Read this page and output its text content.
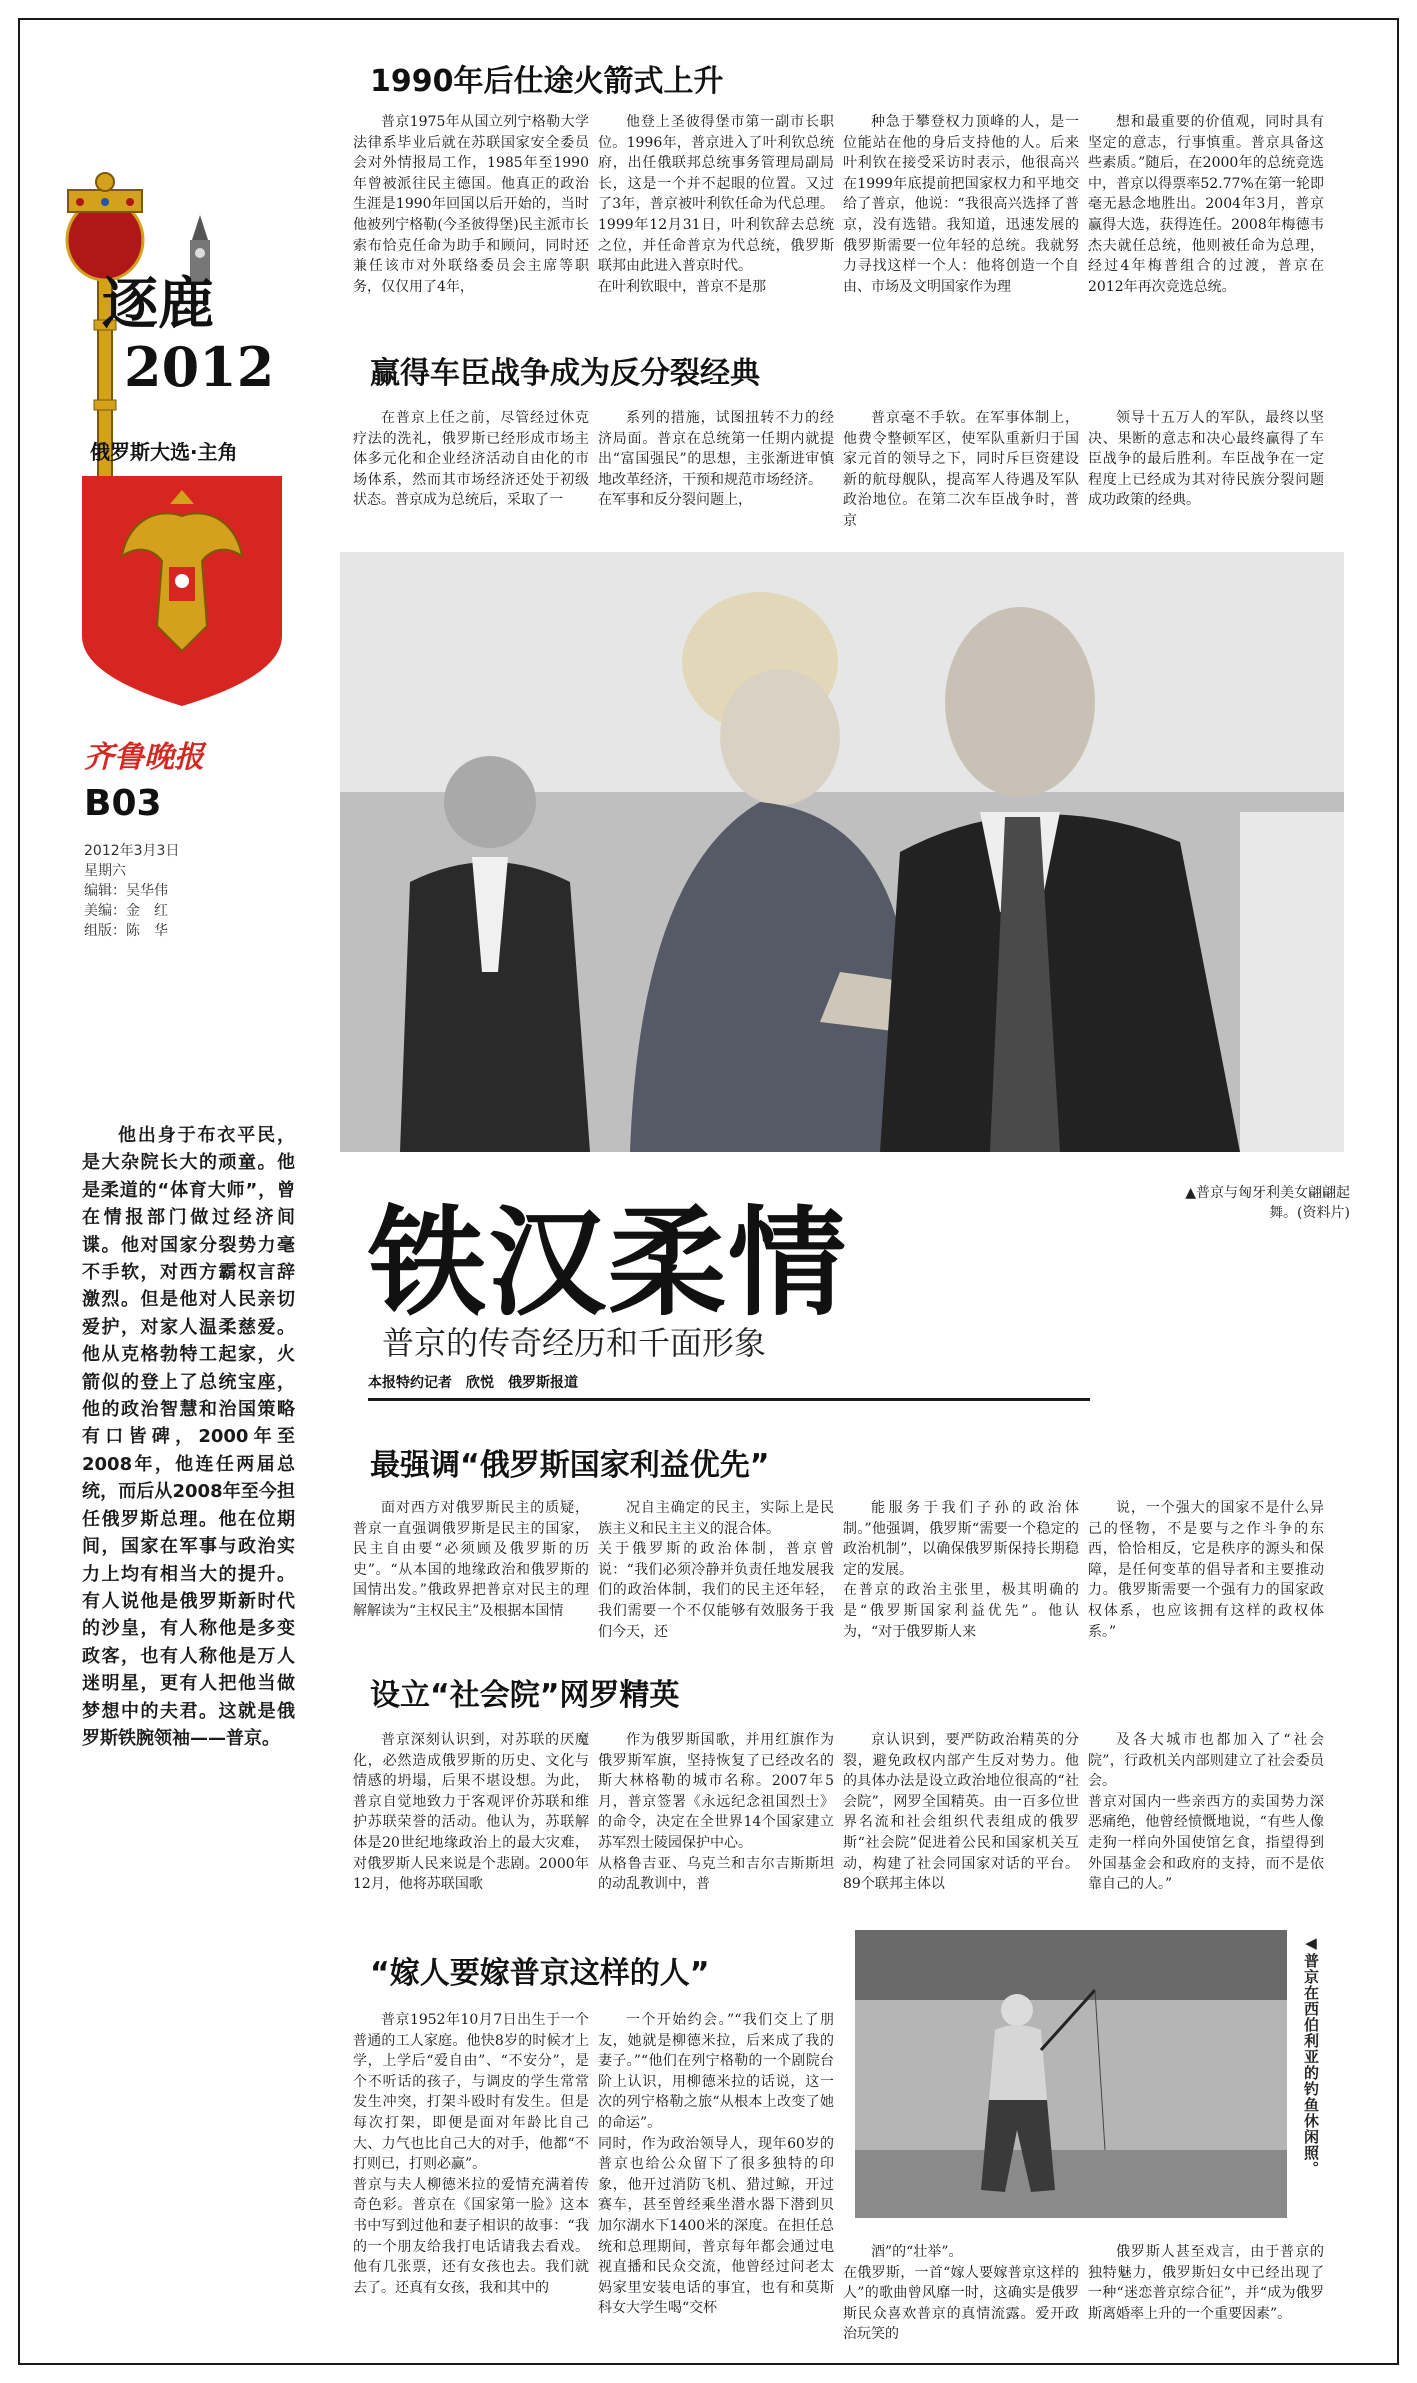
逐鹿
2012
俄罗斯大选·主角
齐鲁晚报
B03
2012年3月3日
星期六
编辑：吴华伟
美编：金　红
组版：陈　华

他出身于布衣平民，是大杂院长大的顽童。他是柔道的“体育大师”，曾在情报部门做过经济间谍。他对国家分裂势力毫不手软，对西方霸权言辞激烈。但是他对人民亲切爱护，对家人温柔慈爱。他从克格勃特工起家，火箭似的登上了总统宝座，他的政治智慧和治国策略有口皆碑，2000年至2008年，他连任两届总统，而后从2008年至今担任俄罗斯总理。他在位期间，国家在军事与政治实力上均有相当大的提升。有人说他是俄罗斯新时代的沙皇，有人称他是多变政客，也有人称他是万人迷明星，更有人把他当做梦想中的夫君。这就是俄罗斯铁腕领袖——普京。

1990年后仕途火箭式上升

普京1975年从国立列宁格勒大学法律系毕业后就在苏联国家安全委员会对外情报局工作，1985年至1990年曾被派往民主德国。他真正的政治生涯是1990年回国以后开始的，当时他被列宁格勒(今圣彼得堡)民主派市长索布恰克任命为助手和顾问，同时还兼任该市对外联络委员会主席等职务，仅仅用了4年，

他登上圣彼得堡市第一副市长职位。1996年，普京进入了叶利钦总统府，出任俄联邦总统事务管理局副局长，这是一个并不起眼的位置。又过了3年，普京被叶利钦任命为代总理。1999年12月31日，叶利钦辞去总统之位，并任命普京为代总统，俄罗斯联邦由此进入普京时代。
在叶利钦眼中，普京不是那

种急于攀登权力顶峰的人，是一位能站在他的身后支持他的人。后来叶利钦在接受采访时表示，他很高兴在1999年底提前把国家权力和平地交给了普京，他说：“我很高兴选择了普京，没有选错。我知道，迅速发展的俄罗斯需要一位年轻的总统。我就努力寻找这样一个人：他将创造一个自由、市场及文明国家作为理

想和最重要的价值观，同时具有坚定的意志，行事慎重。普京具备这些素质。”随后，在2000年的总统竞选中，普京以得票率52.77%在第一轮即毫无悬念地胜出。2004年3月，普京赢得大选，获得连任。2008年梅德韦杰夫就任总统，他则被任命为总理，经过4年梅普组合的过渡，普京在2012年再次竞选总统。

赢得车臣战争成为反分裂经典

在普京上任之前，尽管经过休克疗法的洗礼，俄罗斯已经形成市场主体多元化和企业经济活动自由化的市场体系，然而其市场经济还处于初级状态。普京成为总统后，采取了一

系列的措施，试图扭转不力的经济局面。普京在总统第一任期内就提出“富国强民”的思想，主张渐进审慎地改革经济，干预和规范市场经济。
在军事和反分裂问题上，

普京毫不手软。在军事体制上，他费令整顿军区，使军队重新归于国家元首的领导之下，同时斥巨资建设新的航母舰队，提高军人待遇及军队政治地位。在第二次车臣战争时，普京

领导十五万人的军队，最终以坚决、果断的意志和决心最终赢得了车臣战争的最后胜利。车臣战争在一定程度上已经成为其对待民族分裂问题成功政策的经典。

▲普京与匈牙利美女翩翩起舞。(资料片)
铁汉柔情
普京的传奇经历和千面形象
本报特约记者　欣悦　俄罗斯报道
最强调“俄罗斯国家利益优先”

面对西方对俄罗斯民主的质疑，普京一直强调俄罗斯是民主的国家，民主自由要“必须顾及俄罗斯的历史”。“从本国的地缘政治和俄罗斯的国情出发。”俄政界把普京对民主的理解解读为“主权民主”及根据本国情

况自主确定的民主，实际上是民族主义和民主主义的混合体。
关于俄罗斯的政治体制，普京曾说：“我们必须冷静并负责任地发展我们的政治体制，我们的民主还年轻，我们需要一个不仅能够有效服务于我们今天，还

能服务于我们子孙的政治体制。”他强调，俄罗斯“需要一个稳定的政治机制”，以确保俄罗斯保持长期稳定的发展。
在普京的政治主张里，极其明确的是“俄罗斯国家利益优先”。他认为，“对于俄罗斯人来

说，一个强大的国家不是什么异己的怪物，不是要与之作斗争的东西，恰恰相反，它是秩序的源头和保障，是任何变革的倡导者和主要推动力。俄罗斯需要一个强有力的国家政权体系，也应该拥有这样的政权体系。”

设立“社会院”网罗精英

普京深刻认识到，对苏联的厌魔化，必然造成俄罗斯的历史、文化与情感的坍塌，后果不堪设想。为此，普京自觉地致力于客观评价苏联和维护苏联荣誉的活动。他认为，苏联解体是20世纪地缘政治上的最大灾难，对俄罗斯人民来说是个悲剧。2000年12月，他将苏联国歌

作为俄罗斯国歌，并用红旗作为俄罗斯军旗，坚持恢复了已经改名的斯大林格勒的城市名称。2007年5月，普京签署《永远纪念祖国烈士》的命令，决定在全世界14个国家建立苏军烈士陵园保护中心。
从格鲁吉亚、乌克兰和吉尔吉斯斯坦的动乱教训中，普

京认识到，要严防政治精英的分裂，避免政权内部产生反对势力。他的具体办法是设立政治地位很高的“社会院”，网罗全国精英。由一百多位世界名流和社会组织代表组成的俄罗斯“社会院”促进着公民和国家机关互动，构建了社会同国家对话的平台。89个联邦主体以

及各大城市也都加入了“社会院”，行政机关内部则建立了社会委员会。
普京对国内一些亲西方的卖国势力深恶痛绝，他曾经愤慨地说，“有些人像走狗一样向外国使馆乞食，指望得到外国基金会和政府的支持，而不是依靠自己的人。”

“嫁人要嫁普京这样的人”

普京1952年10月7日出生于一个普通的工人家庭。他快8岁的时候才上学，上学后“爱自由”、“不安分”，是个不听话的孩子，与调皮的学生常常发生冲突，打架斗殴时有发生。但是每次打架，即便是面对年龄比自己大、力气也比自己大的对手，他都“不打则已，打则必赢”。
普京与夫人柳德米拉的爱情充满着传奇色彩。普京在《国家第一脸》这本书中写到过他和妻子相识的故事：“我的一个朋友给我打电话请我去看戏。他有几张票，还有女孩也去。我们就去了。还真有女孩，我和其中的

一个开始约会。”“我们交上了朋友，她就是柳德米拉，后来成了我的妻子。”“他们在列宁格勒的一个剧院台阶上认识，用柳德米拉的话说，这一次的列宁格勒之旅“从根本上改变了她的命运”。
同时，作为政治领导人，现年60岁的普京也给公众留下了很多独特的印象，他开过消防飞机、猎过鲸，开过赛车，甚至曾经乘坐潜水器下潜到贝加尔湖水下1400米的深度。在担任总统和总理期间，普京每年都会通过电视直播和民众交流，他曾经过问老太妈家里安装电话的事宜，也有和莫斯科女大学生喝“交杯

酒”的“壮举”。
在俄罗斯，一首“嫁人要嫁普京这样的人”的歌曲曾风靡一时，这确实是俄罗斯民众喜欢普京的真情流露。爱开政治玩笑的

俄罗斯人甚至戏言，由于普京的独特魅力，俄罗斯妇女中已经出现了一种“迷恋普京综合征”，并“成为俄罗斯离婚率上升的一个重要因素”。

◀普京在西伯利亚的钓鱼休闲照。
